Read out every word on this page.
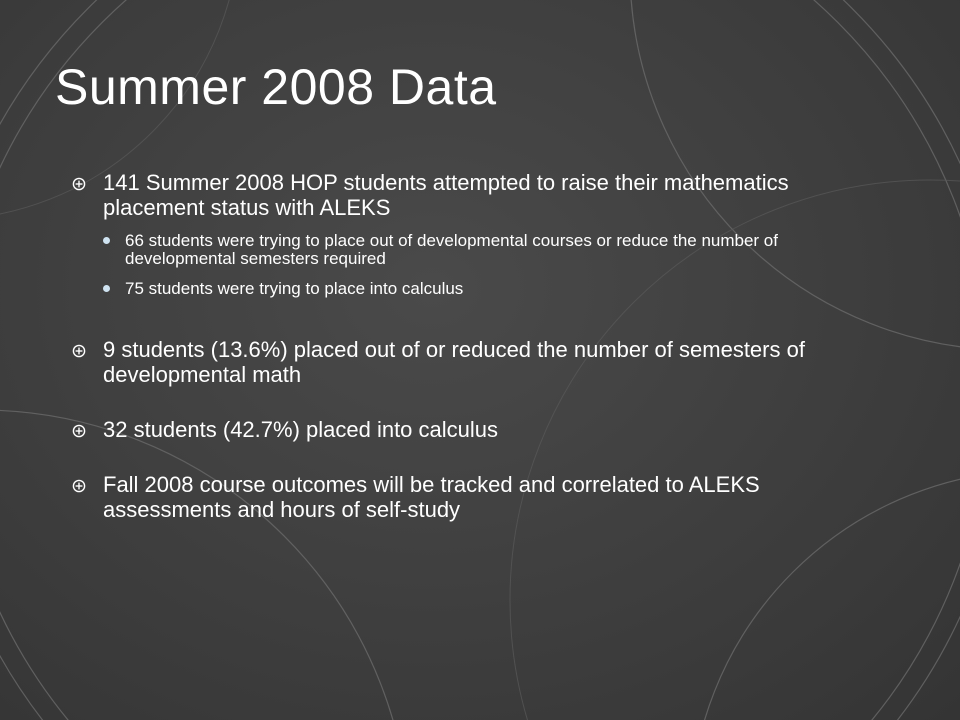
Summer 2008 Data
141 Summer 2008 HOP students attempted to raise their mathematics placement status with ALEKS
66 students were trying to place out of developmental courses or reduce the number of developmental semesters required
75 students were trying to place into calculus
9 students (13.6%) placed out of or reduced the number of semesters of developmental math
32 students (42.7%) placed into calculus
Fall 2008 course outcomes will be tracked and correlated to ALEKS assessments and hours of self-study
